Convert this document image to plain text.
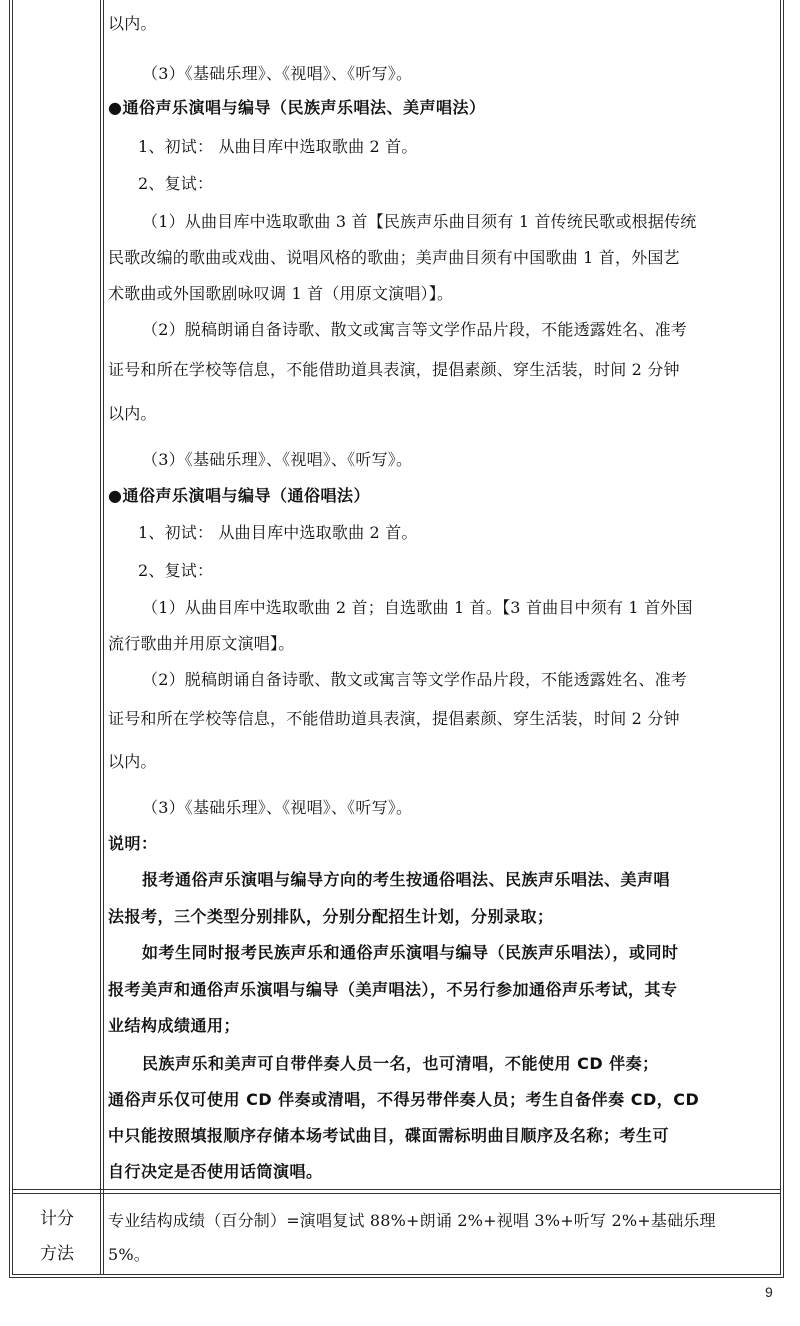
以内。
（3）《基础乐理》、《视唱》、《听写》。
●通俗声乐演唱与编导（民族声乐唱法、美声唱法）
1、初试： 从曲目库中选取歌曲 2 首。
2、复试：
（1）从曲目库中选取歌曲 3 首【民族声乐曲目须有 1 首传统民歌或根据传统
民歌改编的歌曲或戏曲、说唱风格的歌曲；美声曲目须有中国歌曲 1 首，外国艺
术歌曲或外国歌剧咏叹调 1 首（用原文演唱）】。
（2）脱稿朗诵自备诗歌、散文或寓言等文学作品片段，不能透露姓名、准考
证号和所在学校等信息，不能借助道具表演，提倡素颜、穿生活装，时间 2 分钟
以内。
（3）《基础乐理》、《视唱》、《听写》。
●通俗声乐演唱与编导（通俗唱法）
1、初试： 从曲目库中选取歌曲 2 首。
2、复试：
（1）从曲目库中选取歌曲 2 首；自选歌曲 1 首。【3 首曲目中须有 1 首外国
流行歌曲并用原文演唱】。
（2）脱稿朗诵自备诗歌、散文或寓言等文学作品片段，不能透露姓名、准考
证号和所在学校等信息，不能借助道具表演，提倡素颜、穿生活装，时间 2 分钟
以内。
（3）《基础乐理》、《视唱》、《听写》。
说明：
报考通俗声乐演唱与编导方向的考生按通俗唱法、民族声乐唱法、美声唱
法报考，三个类型分别排队，分别分配招生计划，分别录取；
如考生同时报考民族声乐和通俗声乐演唱与编导（民族声乐唱法），或同时
报考美声和通俗声乐演唱与编导（美声唱法），不另行参加通俗声乐考试，其专
业结构成绩通用；
民族声乐和美声可自带伴奏人员一名，也可清唱，不能使用 CD 伴奏；
通俗声乐仅可使用 CD 伴奏或清唱，不得另带伴奏人员；考生自备伴奏 CD，CD
中只能按照填报顺序存储本场考试曲目，碟面需标明曲目顺序及名称；考生可
自行决定是否使用话筒演唱。
专业结构成绩（百分制）=演唱复试 88%+朗诵 2%+视唱 3%+听写 2%+基础乐理
5%。
计分
方法
9
